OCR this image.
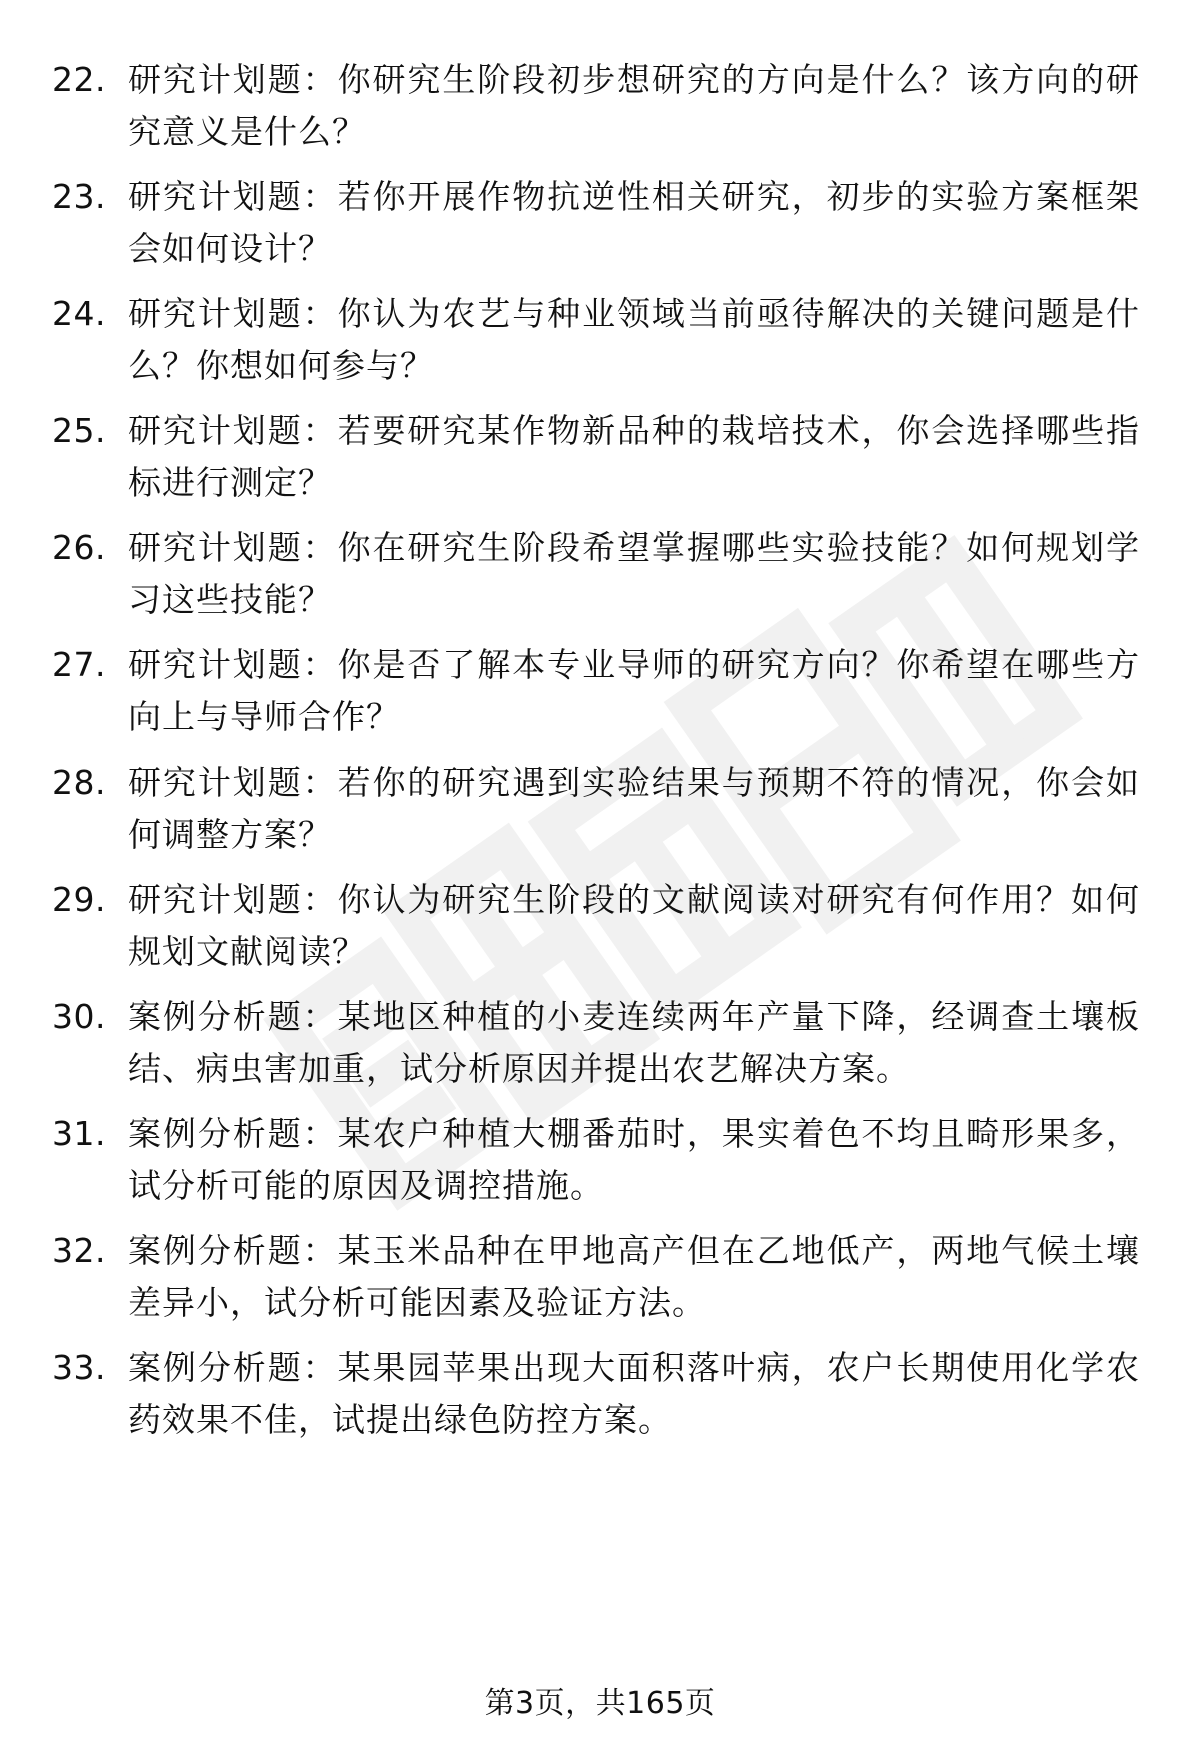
22. 研究计划题：你研究生阶段初步想研究的方向是什么？该方向的研究意义是什么？
23. 研究计划题：若你开展作物抗逆性相关研究，初步的实验方案框架会如何设计？
24. 研究计划题：你认为农艺与种业领域当前亟待解决的关键问题是什么？你想如何参与？
25. 研究计划题：若要研究某作物新品种的栽培技术，你会选择哪些指标进行测定？
26. 研究计划题：你在研究生阶段希望掌握哪些实验技能？如何规划学习这些技能？
27. 研究计划题：你是否了解本专业导师的研究方向？你希望在哪些方向上与导师合作？
28. 研究计划题：若你的研究遇到实验结果与预期不符的情况，你会如何调整方案？
29. 研究计划题：你认为研究生阶段的文献阅读对研究有何作用？如何规划文献阅读？
30. 案例分析题：某地区种植的小麦连续两年产量下降，经调查土壤板结、病虫害加重，试分析原因并提出农艺解决方案。
31. 案例分析题：某农户种植大棚番茄时，果实着色不均且畸形果多，试分析可能的原因及调控措施。
32. 案例分析题：某玉米品种在甲地高产但在乙地低产，两地气候土壤差异小，试分析可能因素及验证方法。
33. 案例分析题：某果园苹果出现大面积落叶病，农户长期使用化学农药效果不佳，试提出绿色防控方案。
第3页，共165页
